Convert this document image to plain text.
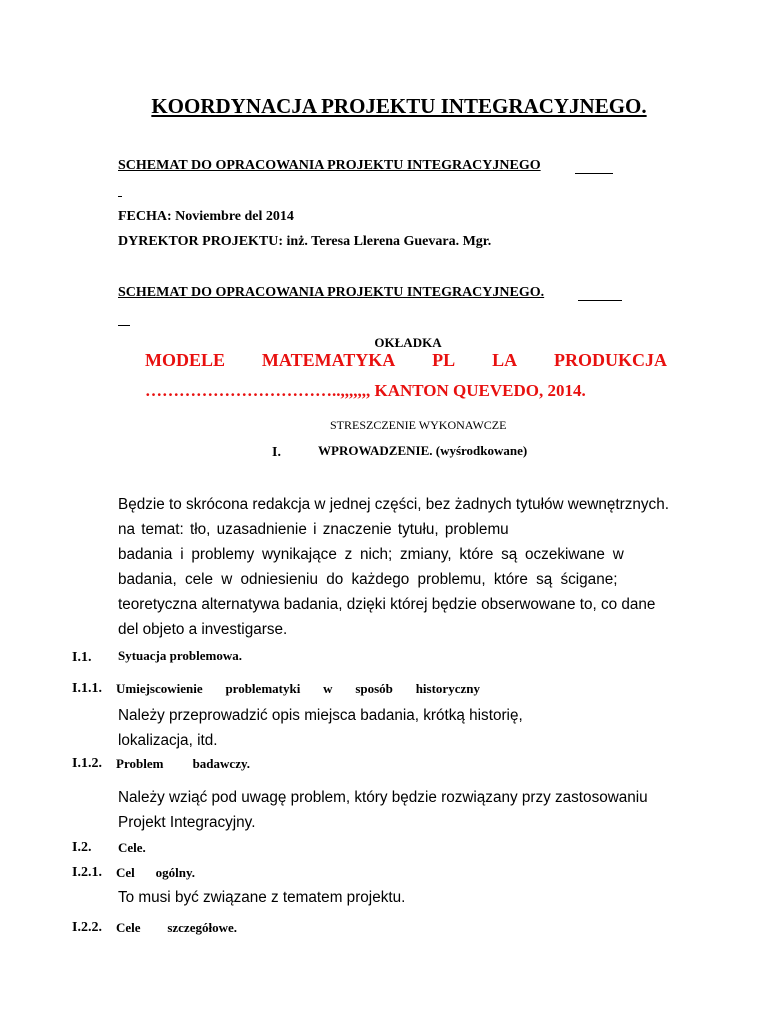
KOORDYNACJA PROJEKTU INTEGRACYJNEGO.
SCHEMAT DO OPRACOWANIA PROJEKTU INTEGRACYJNEGO
FECHA: Noviembre del 2014
DYREKTOR PROJEKTU: inż. Teresa Llerena Guevara. Mgr.
SCHEMAT DO OPRACOWANIA PROJEKTU INTEGRACYJNEGO.
OKŁADKA
MODELE MATEMATYKA PL LA PRODUKCJA
……………………………..,,,,,,, KANTON QUEVEDO, 2014.
STRESZCZENIE WYKONAWCZE
I.	WPROWADZENIE. (wyśrodkowane)
Będzie to skrócona redakcja w jednej części, bez żadnych tytułów wewnętrznych.
na temat: tło, uzasadnienie i znaczenie tytułu, problemu
badania i problemy wynikające z nich; zmiany, które są oczekiwane w
badania, cele w odniesieniu do każdego problemu, które są ścigane;
teoretyczna alternatywa badania, dzięki której będzie obserwowane to, co dane
del objeto a investigarse.
I.1. Sytuacja problemowa.
I.1.1. Umiejscowienie problematyki w sposób historyczny
Należy przeprowadzić opis miejsca badania, krótką historię,
lokalizacja, itd.
I.1.2. Problem badawczy.
Należy wziąć pod uwagę problem, który będzie rozwiązany przy zastosowaniu
Projekt Integracyjny.
I.2. Cele.
I.2.1. Cel ogólny.
To musi być związane z tematem projektu.
I.2.2. Cele szczegółowe.
